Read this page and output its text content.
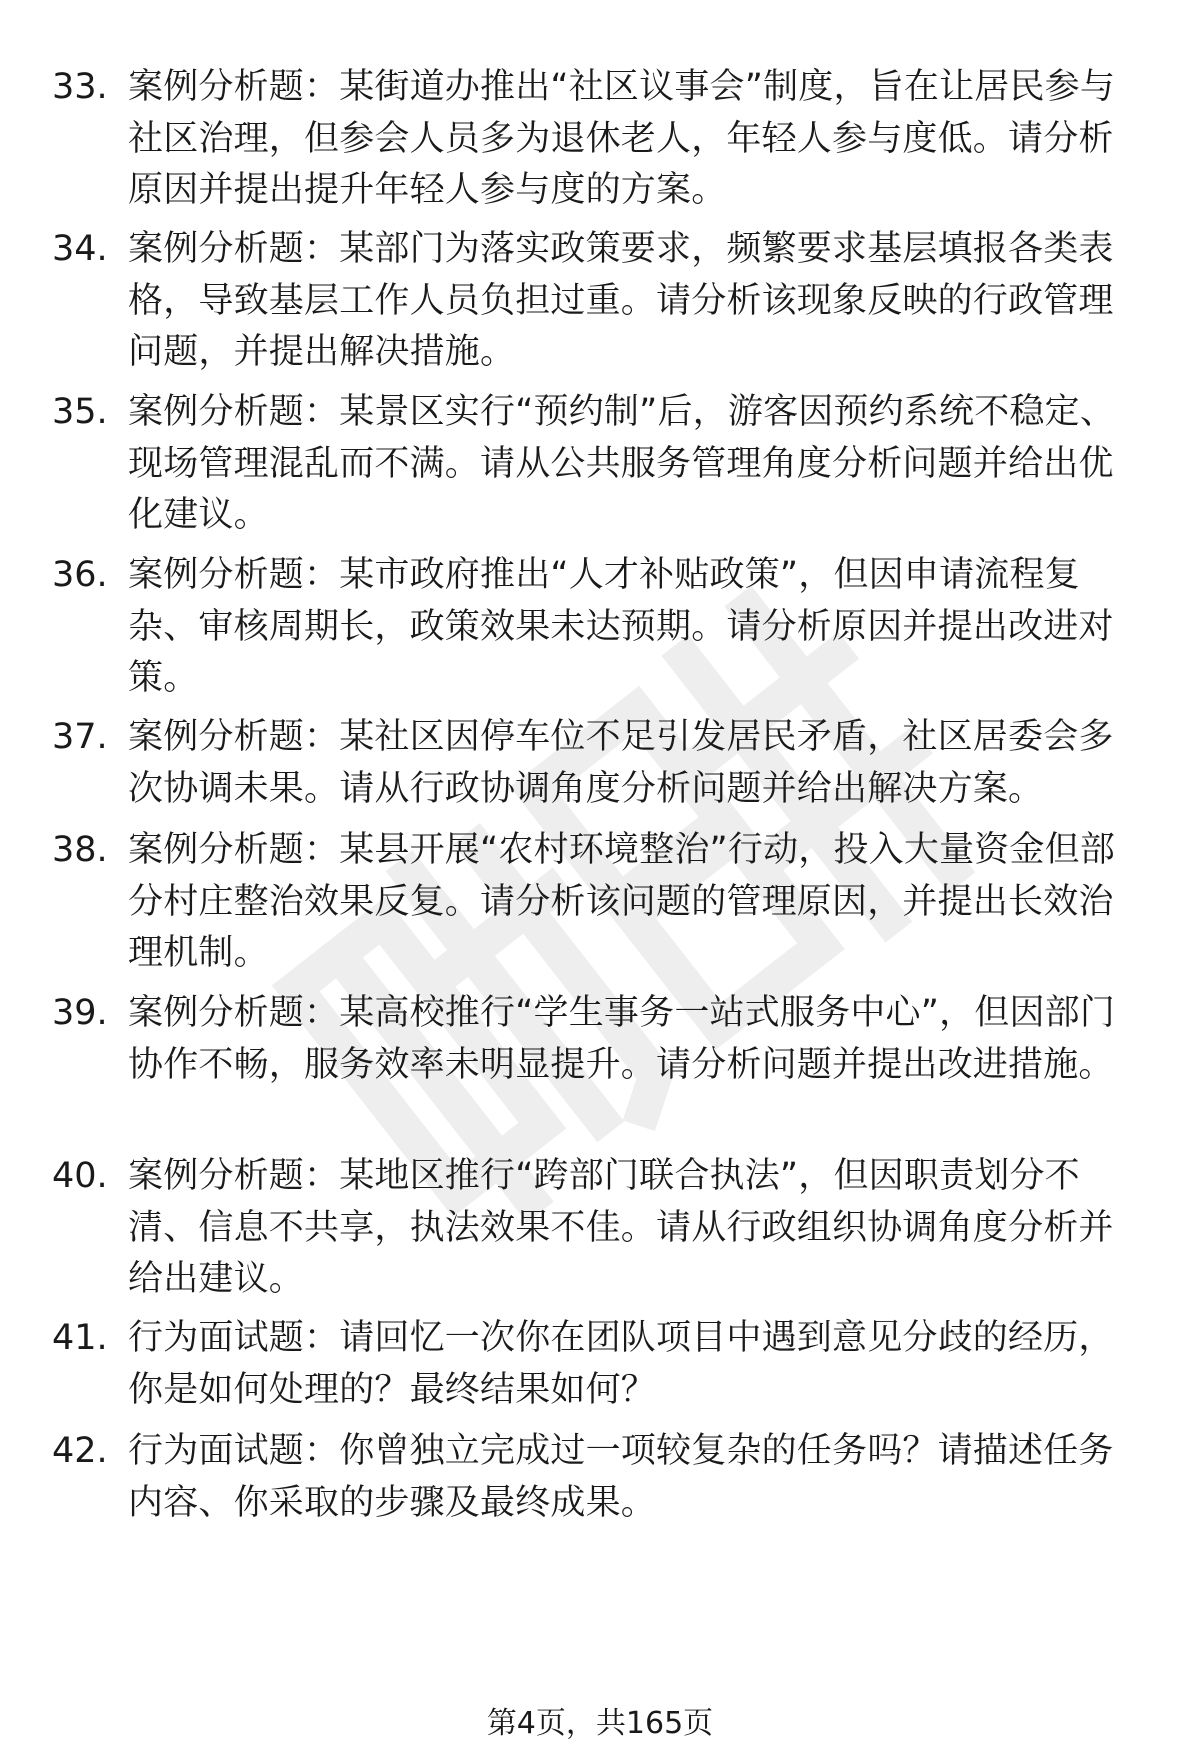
33. 案例分析题：某街道办推出“社区议事会”制度，旨在让居民参与社区治理，但参会人员多为退休老人，年轻人参与度低。请分析原因并提出提升年轻人参与度的方案。
34. 案例分析题：某部门为落实政策要求，频繁要求基层填报各类表格，导致基层工作人员负担过重。请分析该现象反映的行政管理问题，并提出解决措施。
35. 案例分析题：某景区实行“预约制”后，游客因预约系统不稳定、现场管理混乱而不满。请从公共服务管理角度分析问题并给出优化建议。
36. 案例分析题：某市政府推出“人才补贴政策”，但因申请流程复杂、审核周期长，政策效果未达预期。请分析原因并提出改进对策。
37. 案例分析题：某社区因停车位不足引发居民矛盾，社区居委会多次协调未果。请从行政协调角度分析问题并给出解决方案。
38. 案例分析题：某县开展“农村环境整治”行动，投入大量资金但部分村庄整治效果反复。请分析该问题的管理原因，并提出长效治理机制。
39. 案例分析题：某高校推行“学生事务一站式服务中心”，但因部门协作不畅，服务效率未明显提升。请分析问题并提出改进措施。
40. 案例分析题：某地区推行“跨部门联合执法”，但因职责划分不清、信息不共享，执法效果不佳。请从行政组织协调角度分析并给出建议。
41. 行为面试题：请回忆一次你在团队项目中遇到意见分歧的经历，你是如何处理的？最终结果如何？
42. 行为面试题：你曾独立完成过一项较复杂的任务吗？请描述任务内容、你采取的步骤及最终成果。
第4页，共165页
